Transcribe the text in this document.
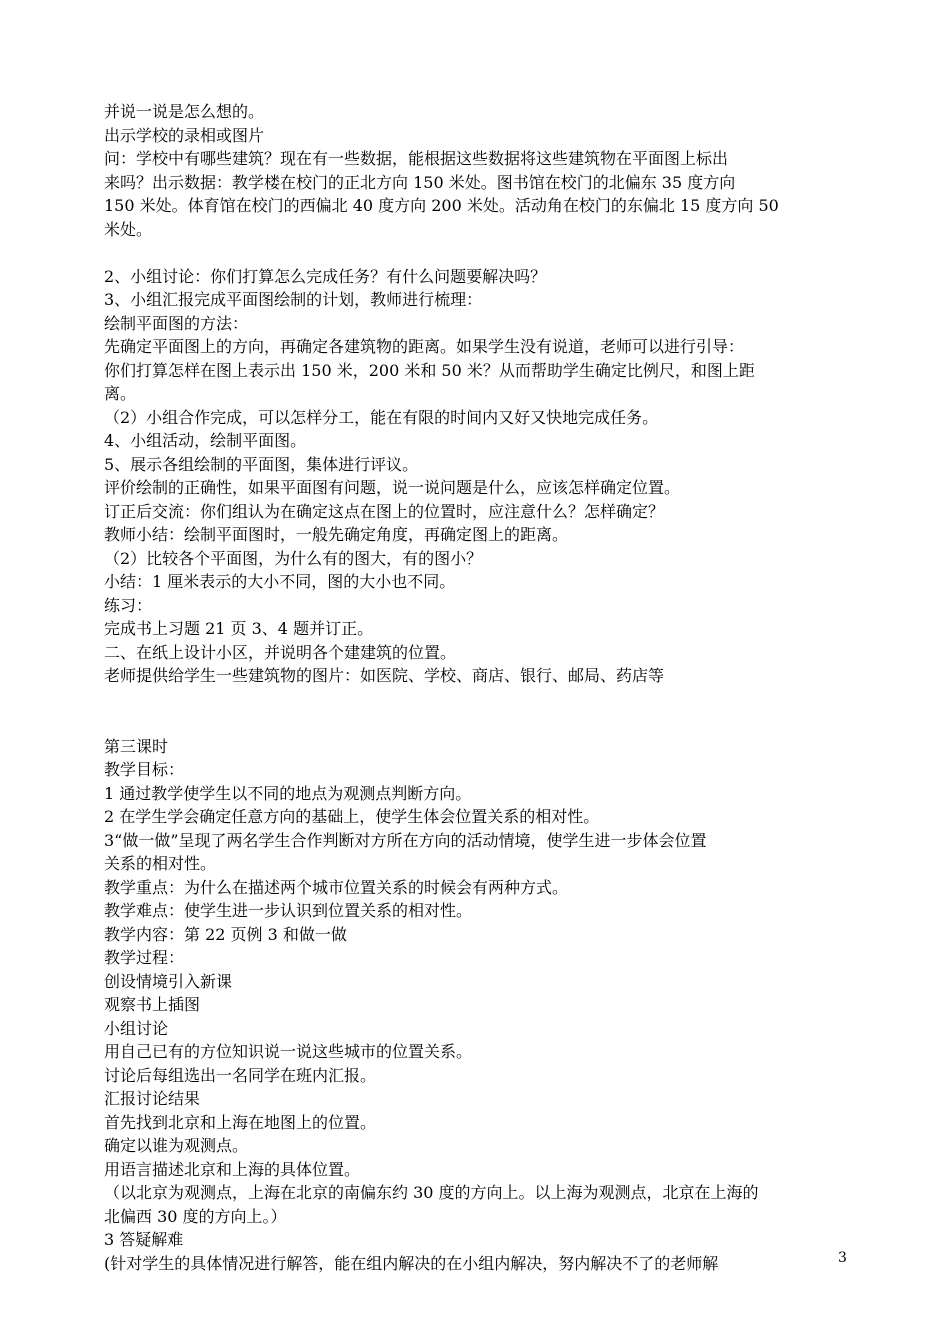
并说一说是怎么想的。
出示学校的录相或图片
问：学校中有哪些建筑？现在有一些数据，能根据这些数据将这些建筑物在平面图上标出
来吗？出示数据：教学楼在校门的正北方向 150 米处。图书馆在校门的北偏东 35 度方向
150 米处。体育馆在校门的西偏北 40 度方向 200 米处。活动角在校门的东偏北 15 度方向 50
米处。
2、小组讨论：你们打算怎么完成任务？有什么问题要解决吗？
3、小组汇报完成平面图绘制的计划，教师进行梳理：
绘制平面图的方法：
先确定平面图上的方向，再确定各建筑物的距离。如果学生没有说道，老师可以进行引导：
你们打算怎样在图上表示出 150 米，200 米和 50 米？从而帮助学生确定比例尺，和图上距
离。
（2）小组合作完成，可以怎样分工，能在有限的时间内又好又快地完成任务。
4、小组活动，绘制平面图。
5、展示各组绘制的平面图，集体进行评议。
评价绘制的正确性，如果平面图有问题，说一说问题是什么，应该怎样确定位置。
订正后交流：你们组认为在确定这点在图上的位置时，应注意什么？怎样确定？
教师小结：绘制平面图时，一般先确定角度，再确定图上的距离。
（2）比较各个平面图，为什么有的图大，有的图小？
小结：1 厘米表示的大小不同，图的大小也不同。
练习：
完成书上习题 21 页 3、4 题并订正。
二、在纸上设计小区，并说明各个建建筑的位置。
老师提供给学生一些建筑物的图片：如医院、学校、商店、银行、邮局、药店等
第三课时
教学目标：
1 通过教学使学生以不同的地点为观测点判断方向。
2 在学生学会确定任意方向的基础上，使学生体会位置关系的相对性。
3“做一做”呈现了两名学生合作判断对方所在方向的活动情境，使学生进一步体会位置
关系的相对性。
教学重点：为什么在描述两个城市位置关系的时候会有两种方式。
教学难点：使学生进一步认识到位置关系的相对性。
教学内容：第 22 页例 3 和做一做
教学过程：
创设情境引入新课
观察书上插图
小组讨论
用自己已有的方位知识说一说这些城市的位置关系。
讨论后每组选出一名同学在班内汇报。
汇报讨论结果
首先找到北京和上海在地图上的位置。
确定以谁为观测点。
用语言描述北京和上海的具体位置。
（以北京为观测点，上海在北京的南偏东约 30 度的方向上。以上海为观测点，北京在上海的
北偏西 30 度的方向上。）
3 答疑解难
(针对学生的具体情况进行解答，能在组内解决的在小组内解决，努内解决不了的老师解	3
